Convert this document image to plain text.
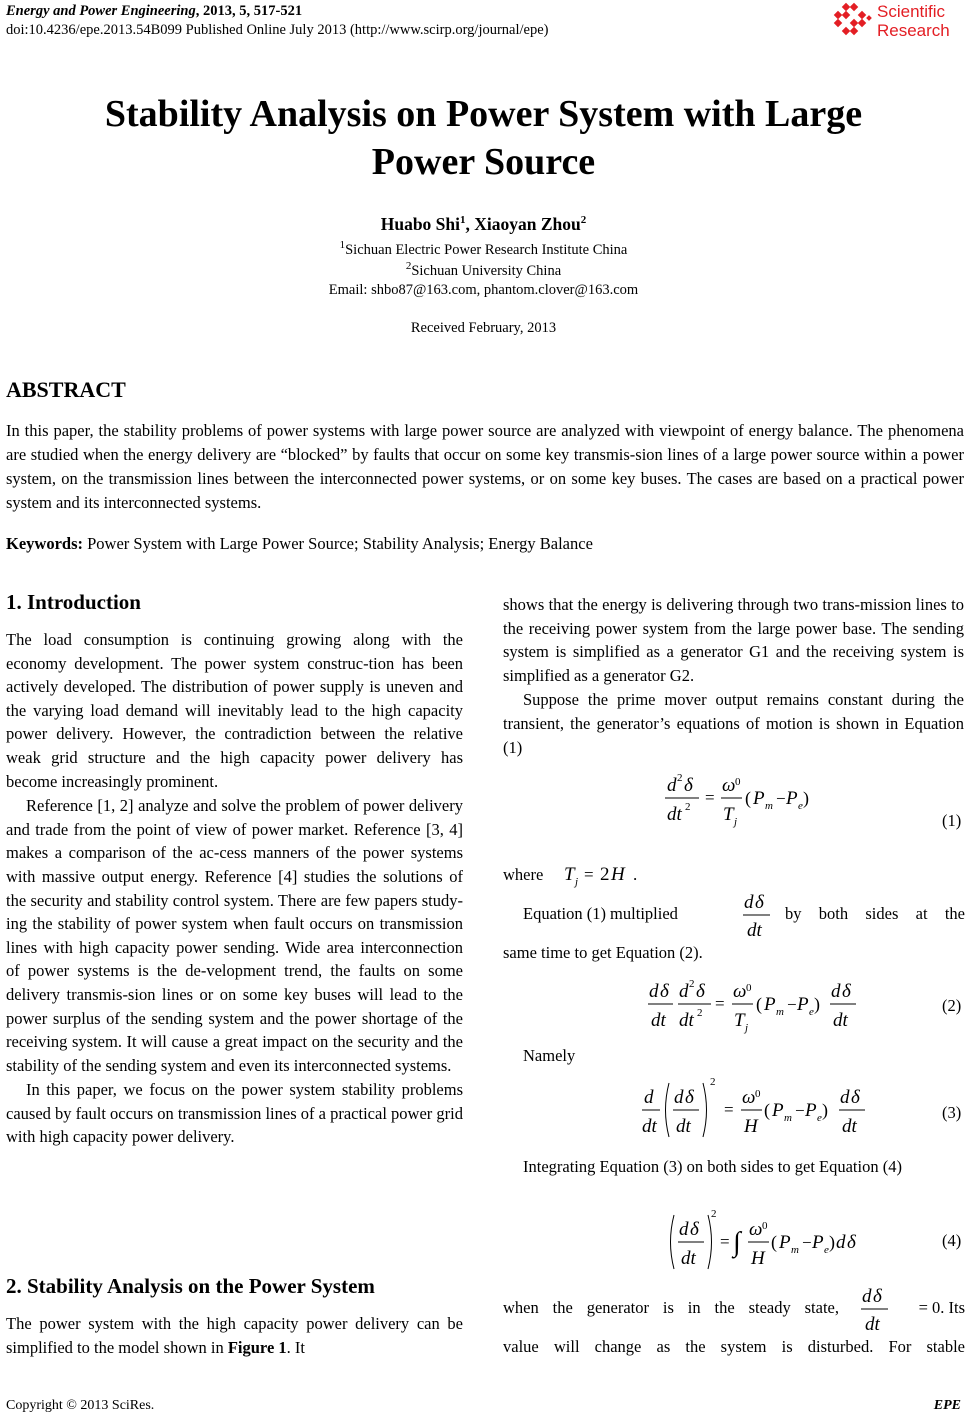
Energy and Power Engineering, 2013, 5, 517-521
doi:10.4236/epe.2013.54B099 Published Online July 2013 (http://www.scirp.org/journal/epe)
Scientific
Research
Stability Analysis on Power System with Large
Power Source
Huabo Shi$^1$, Xiaoyan Zhou$^2$
$^1$Sichuan Electric Power Research Institute China
$^2$Sichuan University China
Email: shbo87@163.com, phantom.clover@163.com
Received February, 2013
ABSTRACT
In this paper, the stability problems of power systems with large power source are analyzed with viewpoint of energy balance. The phenomena are studied when the energy delivery are “blocked” by faults that occur on some key transmis-sion lines of a large power source within a power system, on the transmission lines between the interconnected power systems, or on some key buses. The cases are based on a practical power system and its interconnected systems.
Keywords: Power System with Large Power Source; Stability Analysis; Energy Balance
1. Introduction

The load consumption is continuing growing along with the economy development. The power system construc-tion has been actively developed. The distribution of power supply is uneven and the varying load demand will inevitably lead to the high capacity power delivery. However, the contradiction between the relative weak grid structure and the high capacity power delivery has become increasingly prominent.

Reference [1, 2] analyze and solve the problem of power delivery and trade from the point of view of power market. Reference [3, 4] makes a comparison of the ac-cess manners of the power systems with massive output energy. Reference [4] studies the solutions of the security and stability control system. There are few papers study-ing the stability of power system when fault occurs on transmission lines with high capacity power sending. Wide area interconnection of power systems is the de-velopment trend, the faults on some delivery transmis-sion lines or on some key buses will lead to the power surplus of the sending system and the power shortage of the receiving system. It will cause a great impact on the security and the stability of the sending system and even its interconnected systems.

In this paper, we focus on the power system stability problems caused by fault occurs on transmission lines of a practical power grid with high capacity power delivery.

2. Stability Analysis on the Power System

The power system with the high capacity power delivery can be simplified to the model shown in Figure 1. It

shows that the energy is delivering through two trans-mission lines to the receiving power system from the large power base. The sending system is simplified as a generator G1 and the receiving system is simplified as a generator G2.

Suppose the prime mover output remains constant during the transient, the generator’s equations of motion is shown in Equation (1)

d 2 δ
dt 2 =
ω 0
T j
( P m − P e )
(1)
where T j = 2 H .
Equation (1) multiplied
d δ
dt
by both sides at the
same time to get Equation (2).
d δ
dt
d 2 δ
dt 2 =
ω 0
T j
( P m − P e )
d δ
dt
(2)
Namely
d
dt
d δ
dt
2
=
ω 0
H
( P m − P e )
d δ
dt
(3)
Integrating Equation (3) on both sides to get Equation (4)
d δ
dt
2
= ∫ ω 0
H
( P m − P e ) d δ	(4)
when the generator is in the steady state,
d δ
dt
= 0. Its
value will change as the system is disturbed. For stable
Copyright © 2013 SciRes.	EPE
